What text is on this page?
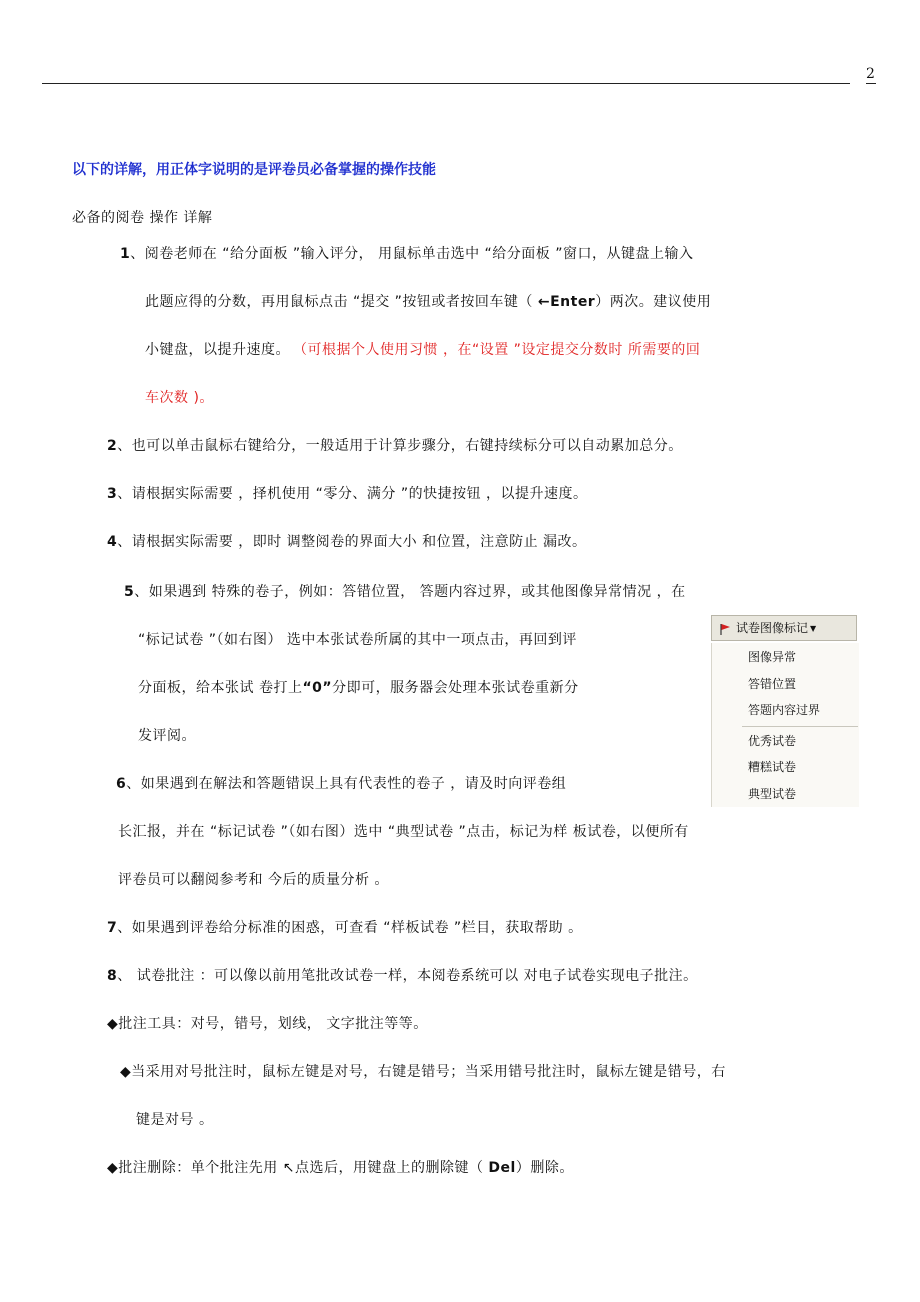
2
以下的详解，用正体字说明的是评卷员必备掌握的操作技能
必备的阅卷 操作 详解
1、阅卷老师在 “给分面板 ”输入评分， 用鼠标单击选中 “给分面板 ”窗口，从键盘上输入
此题应得的分数，再用鼠标点击 “提交 ”按钮或者按回车键（ ←Enter）两次。建议使用
小键盘，以提升速度。 （可根据个人使用习惯 ，在“设置 ”设定提交分数时 所需要的回
车次数 )。
2、也可以单击鼠标右键给分，一般适用于计算步骤分，右键持续标分可以自动累加总分。
3、请根据实际需要 ，择机使用 “零分、满分 ”的快捷按钮 ，以提升速度。
4、请根据实际需要 ，即时 调整阅卷的界面大小 和位置，注意防止 漏改。
5、如果遇到 特殊的卷子，例如：答错位置， 答题内容过界，或其他图像异常情况 ，在
“标记试卷 ”（如右图） 选中本张试卷所属的其中一项点击，再回到评
分面板，给本张试 卷打上“0”分即可，服务器会处理本张试卷重新分
发评阅。
6、如果遇到在解法和答题错误上具有代表性的卷子 ，请及时向评卷组
长汇报，并在 “标记试卷 ”（如右图）选中 “典型试卷 ”点击，标记为样 板试卷，以便所有
评卷员可以翻阅参考和 今后的质量分析 。
7、如果遇到评卷给分标准的困惑，可查看 “样板试卷 ”栏目，获取帮助 。
8、 试卷批注 ：可以像以前用笔批改试卷一样，本阅卷系统可以 对电子试卷实现电子批注。
◆批注工具：对号，错号，划线， 文字批注等等。
◆当采用对号批注时，鼠标左键是对号，右键是错号；当采用错号批注时，鼠标左键是错号，右
键是对号 。
◆批注删除：单个批注先用 ↖点选后，用键盘上的删除键（ Del）删除。
试卷图像标记 ▼
图像异常
答错位置
答题内容过界
优秀试卷
糟糕试卷
典型试卷
